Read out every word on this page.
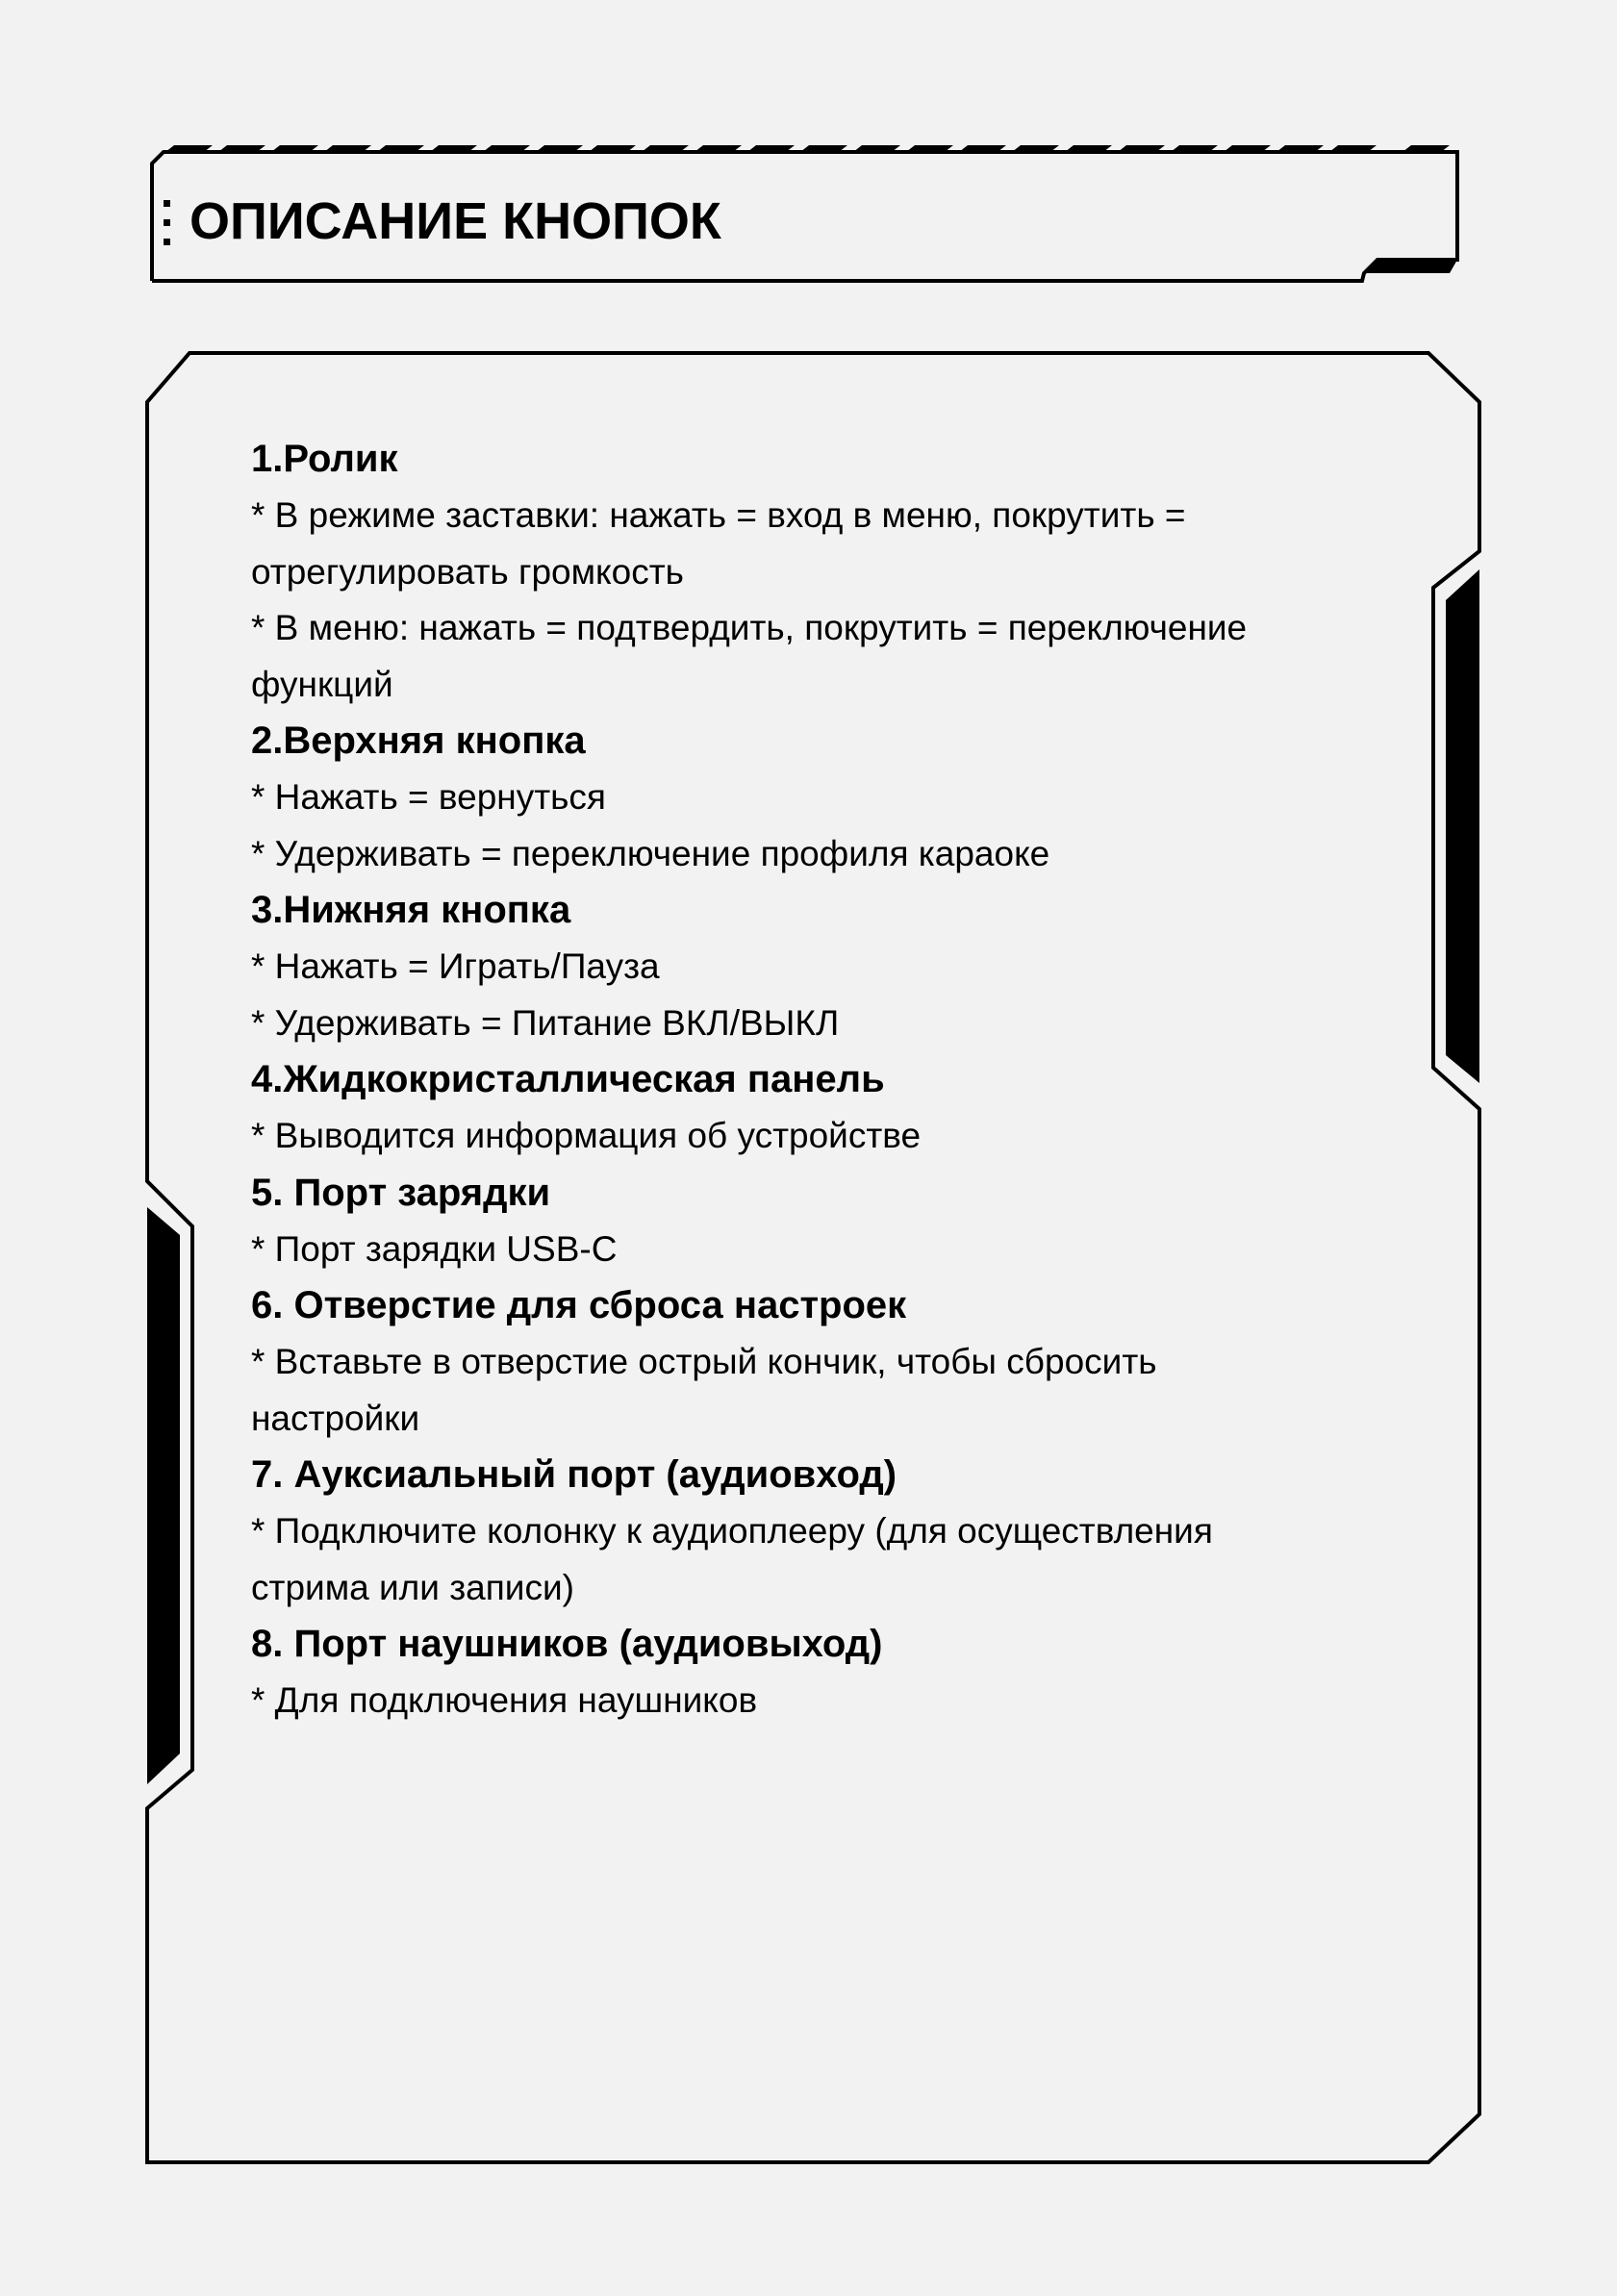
ОПИСАНИЕ КНОПОК
1.Ролик
* В режиме заставки: нажать = вход в меню, покрутить =
отрегулировать громкость
* В меню: нажать = подтвердить, покрутить = переключение
функций
2.Верхняя кнопка
* Нажать = вернуться
* Удерживать = переключение профиля караоке
3.Нижняя кнопка
* Нажать = Играть/Пауза
* Удерживать = Питание ВКЛ/ВЫКЛ
4.Жидкокристаллическая панель
* Выводится информация об устройстве
5. Порт зарядки
* Порт зарядки USB-C
6. Отверстие для сброса настроек
* Вставьте в отверстие острый кончик, чтобы сбросить
настройки
7. Ауксиальный порт (аудиовход)
* Подключите колонку к аудиоплееру (для осуществления
стрима или записи)
8. Порт наушников (аудиовыход)
* Для подключения наушников
